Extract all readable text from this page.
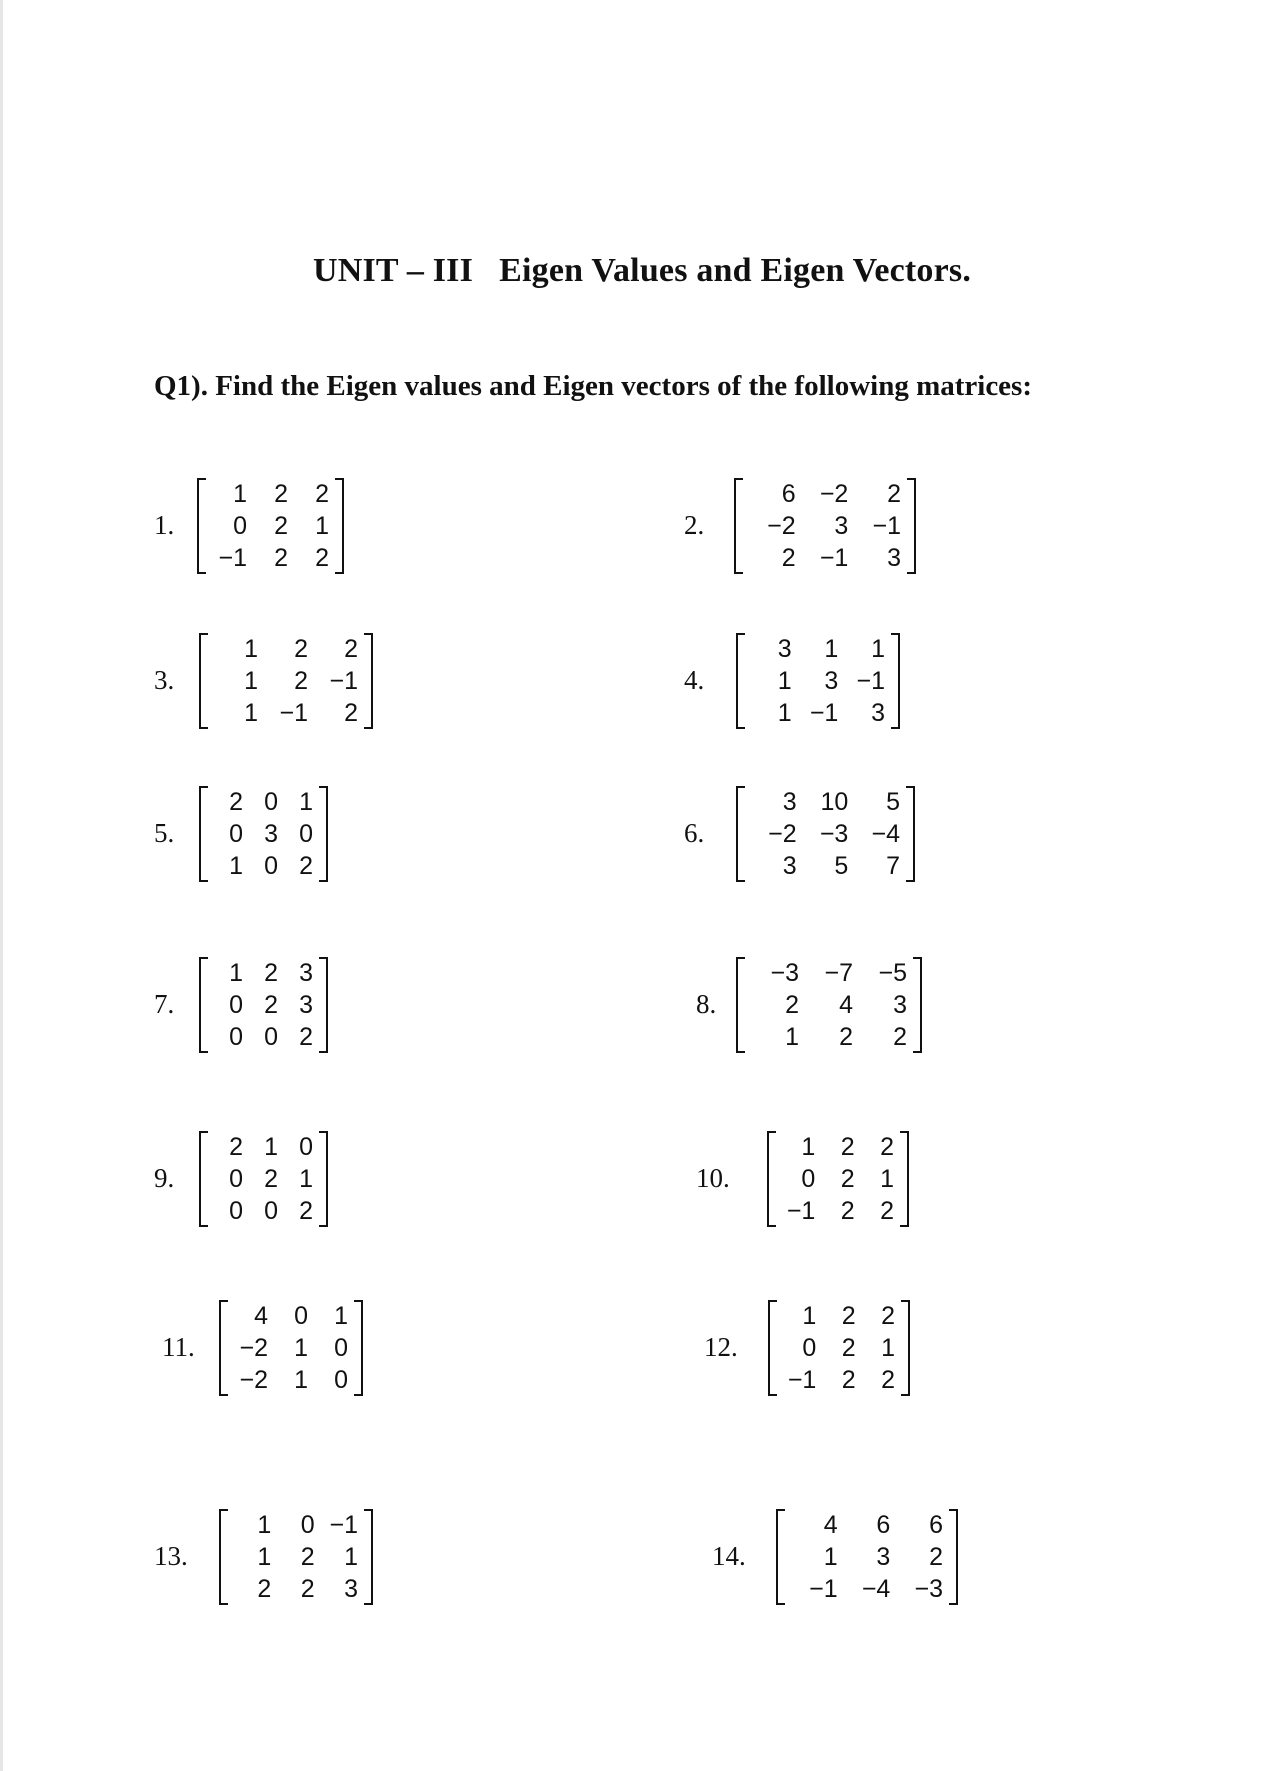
UNIT – III   Eigen Values and Eigen Vectors.
Q1). Find the Eigen values and Eigen vectors of the following matrices:
1.
1	2	2
0	2	1
−1	2	2
2.
6 −2	2
−2	3 −1
2 −1	3
3.
1	2	2
1	2 −1
1 −1	2
4.
3	1	1
1	3 −1
1 −1	3
5.
2 0 1
0 3 0
1 0 2
6.
3 10	5
−2 −3 −4
3	5	7
7.
1 2 3
0 2 3
0 0 2
8.
−3	−7	−5
2	4	3
1	2	2
9.
2 1 0
0 2 1
0 0 2
10.
1	2	2
0	2	1
−1	2	2
11.
4	0	1
−2	1	0
−2	1	0
12.
1	2	2
0	2	1
−1	2	2
13.
1	0 −1
1	2	1
2	2	3
14.
4	6	6
1	3	2
−1 −4 −3
